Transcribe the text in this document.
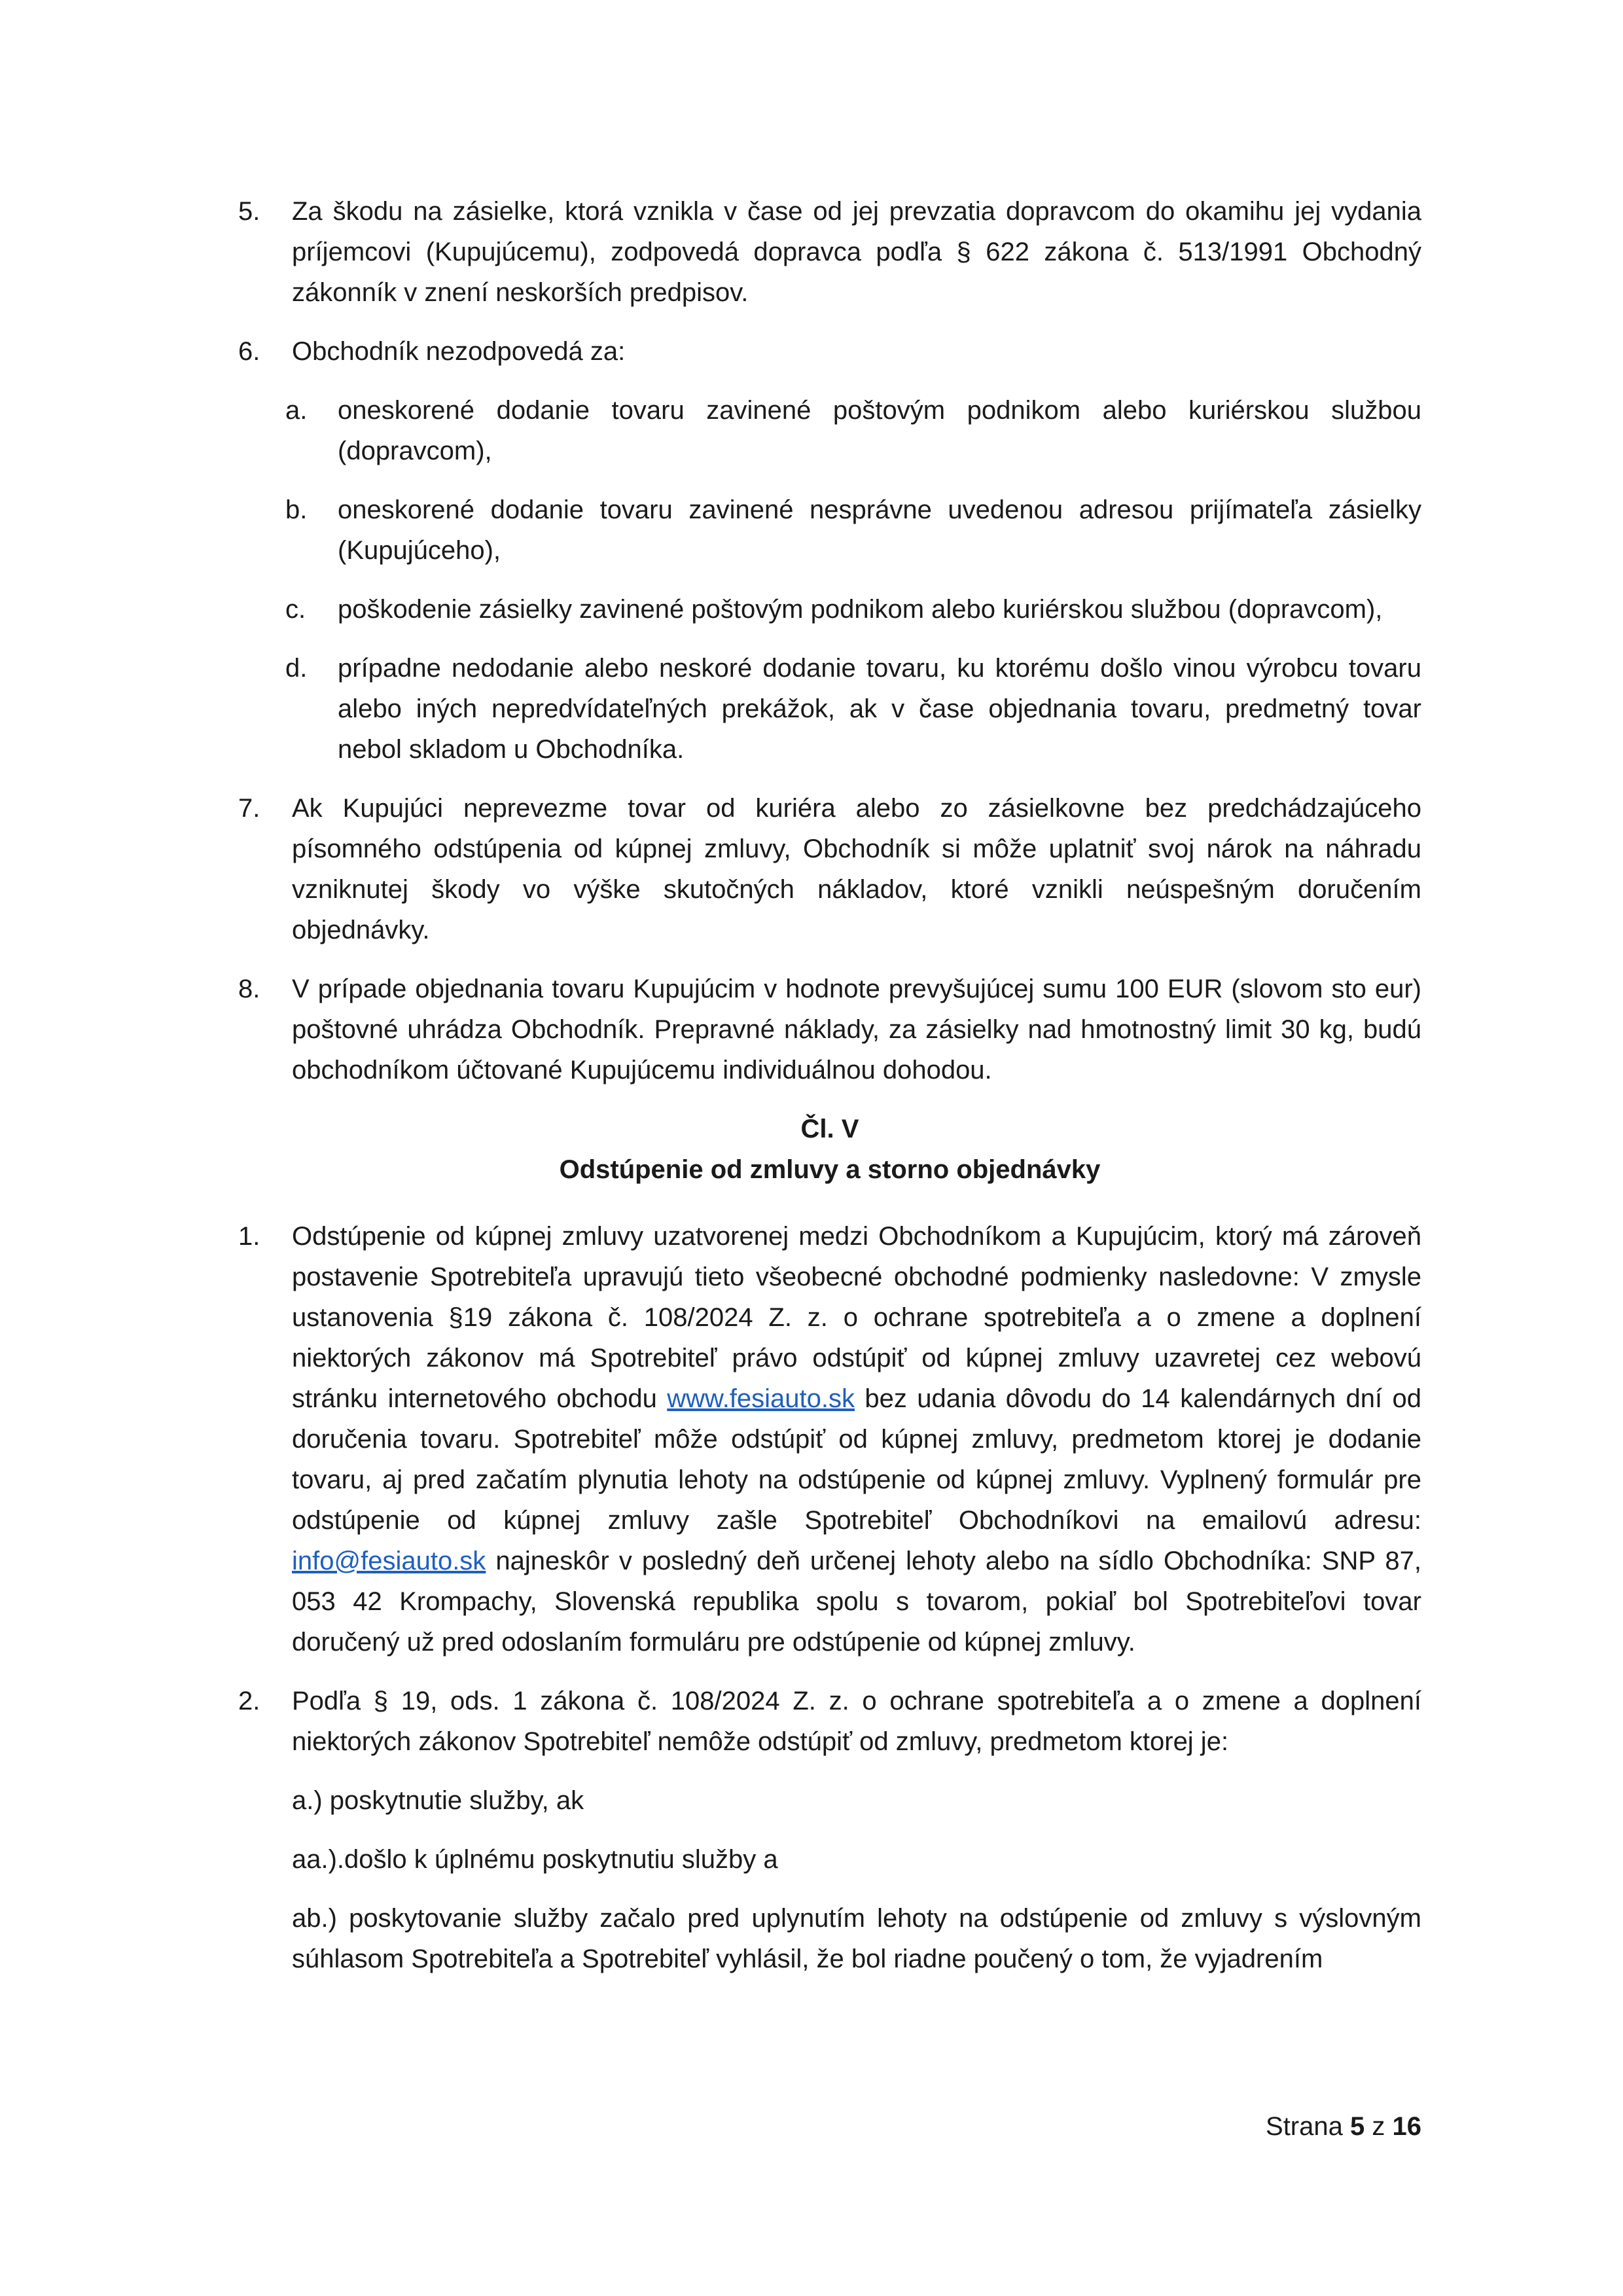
5. Za škodu na zásielke, ktorá vznikla v čase od jej prevzatia dopravcom do okamihu jej vydania príjemcovi (Kupujúcemu), zodpovedá dopravca podľa § 622 zákona č. 513/1991 Obchodný zákonník v znení neskorších predpisov.
6. Obchodník nezodpovedá za:
a. oneskorené dodanie tovaru zavinené poštovým podnikom alebo kuriérskou službou (dopravcom),
b. oneskorené dodanie tovaru zavinené nesprávne uvedenou adresou prijímateľa zásielky (Kupujúceho),
c. poškodenie zásielky zavinené poštovým podnikom alebo kuriérskou službou (dopravcom),
d. prípadne nedodanie alebo neskoré dodanie tovaru, ku ktorému došlo vinou výrobcu tovaru alebo iných nepredvídateľných prekážok, ak v čase objednania tovaru, predmetný tovar nebol skladom u Obchodníka.
7. Ak Kupujúci neprevezme tovar od kuriéra alebo zo zásielkovne bez predchádzajúceho písomného odstúpenia od kúpnej zmluvy, Obchodník si môže uplatniť svoj nárok na náhradu vzniknutej škody vo výške skutočných nákladov, ktoré vznikli neúspešným doručením objednávky.
8. V prípade objednania tovaru Kupujúcim v hodnote prevyšujúcej sumu 100 EUR (slovom sto eur) poštovné uhrádza Obchodník. Prepravné náklady, za zásielky nad hmotnostný limit 30 kg, budú obchodníkom účtované Kupujúcemu individuálnou dohodou.
Čl. V
Odstúpenie od zmluvy a storno objednávky
1. Odstúpenie od kúpnej zmluvy uzatvorenej medzi Obchodníkom a Kupujúcim, ktorý má zároveň postavenie Spotrebiteľa upravujú tieto všeobecné obchodné podmienky nasledovne: V zmysle ustanovenia §19 zákona č. 108/2024 Z. z. o ochrane spotrebiteľa a o zmene a doplnení niektorých zákonov má Spotrebiteľ právo odstúpiť od kúpnej zmluvy uzavretej cez webovú stránku internetového obchodu www.fesiauto.sk bez udania dôvodu do 14 kalendárnych dní od doručenia tovaru. Spotrebiteľ môže odstúpiť od kúpnej zmluvy, predmetom ktorej je dodanie tovaru, aj pred začatím plynutia lehoty na odstúpenie od kúpnej zmluvy. Vyplnený formulár pre odstúpenie od kúpnej zmluvy zašle Spotrebiteľ Obchodníkovi na emailovú adresu: info@fesiauto.sk najneskôr v posledný deň určenej lehoty alebo na sídlo Obchodníka: SNP 87, 053 42 Krompachy, Slovenská republika spolu s tovarom, pokiaľ bol Spotrebiteľovi tovar doručený už pred odoslaním formuláru pre odstúpenie od kúpnej zmluvy.
2. Podľa § 19, ods. 1 zákona č. 108/2024 Z. z. o ochrane spotrebiteľa a o zmene a doplnení niektorých zákonov Spotrebiteľ nemôže odstúpiť od zmluvy, predmetom ktorej je:
a.) poskytnutie služby, ak
aa.).došlo k úplnému poskytnutiu služby a
ab.) poskytovanie služby začalo pred uplynutím lehoty na odstúpenie od zmluvy s výslovným súhlasom Spotrebiteľa a Spotrebiteľ vyhlásil, že bol riadne poučený o tom, že vyjadrením
Strana 5 z 16
